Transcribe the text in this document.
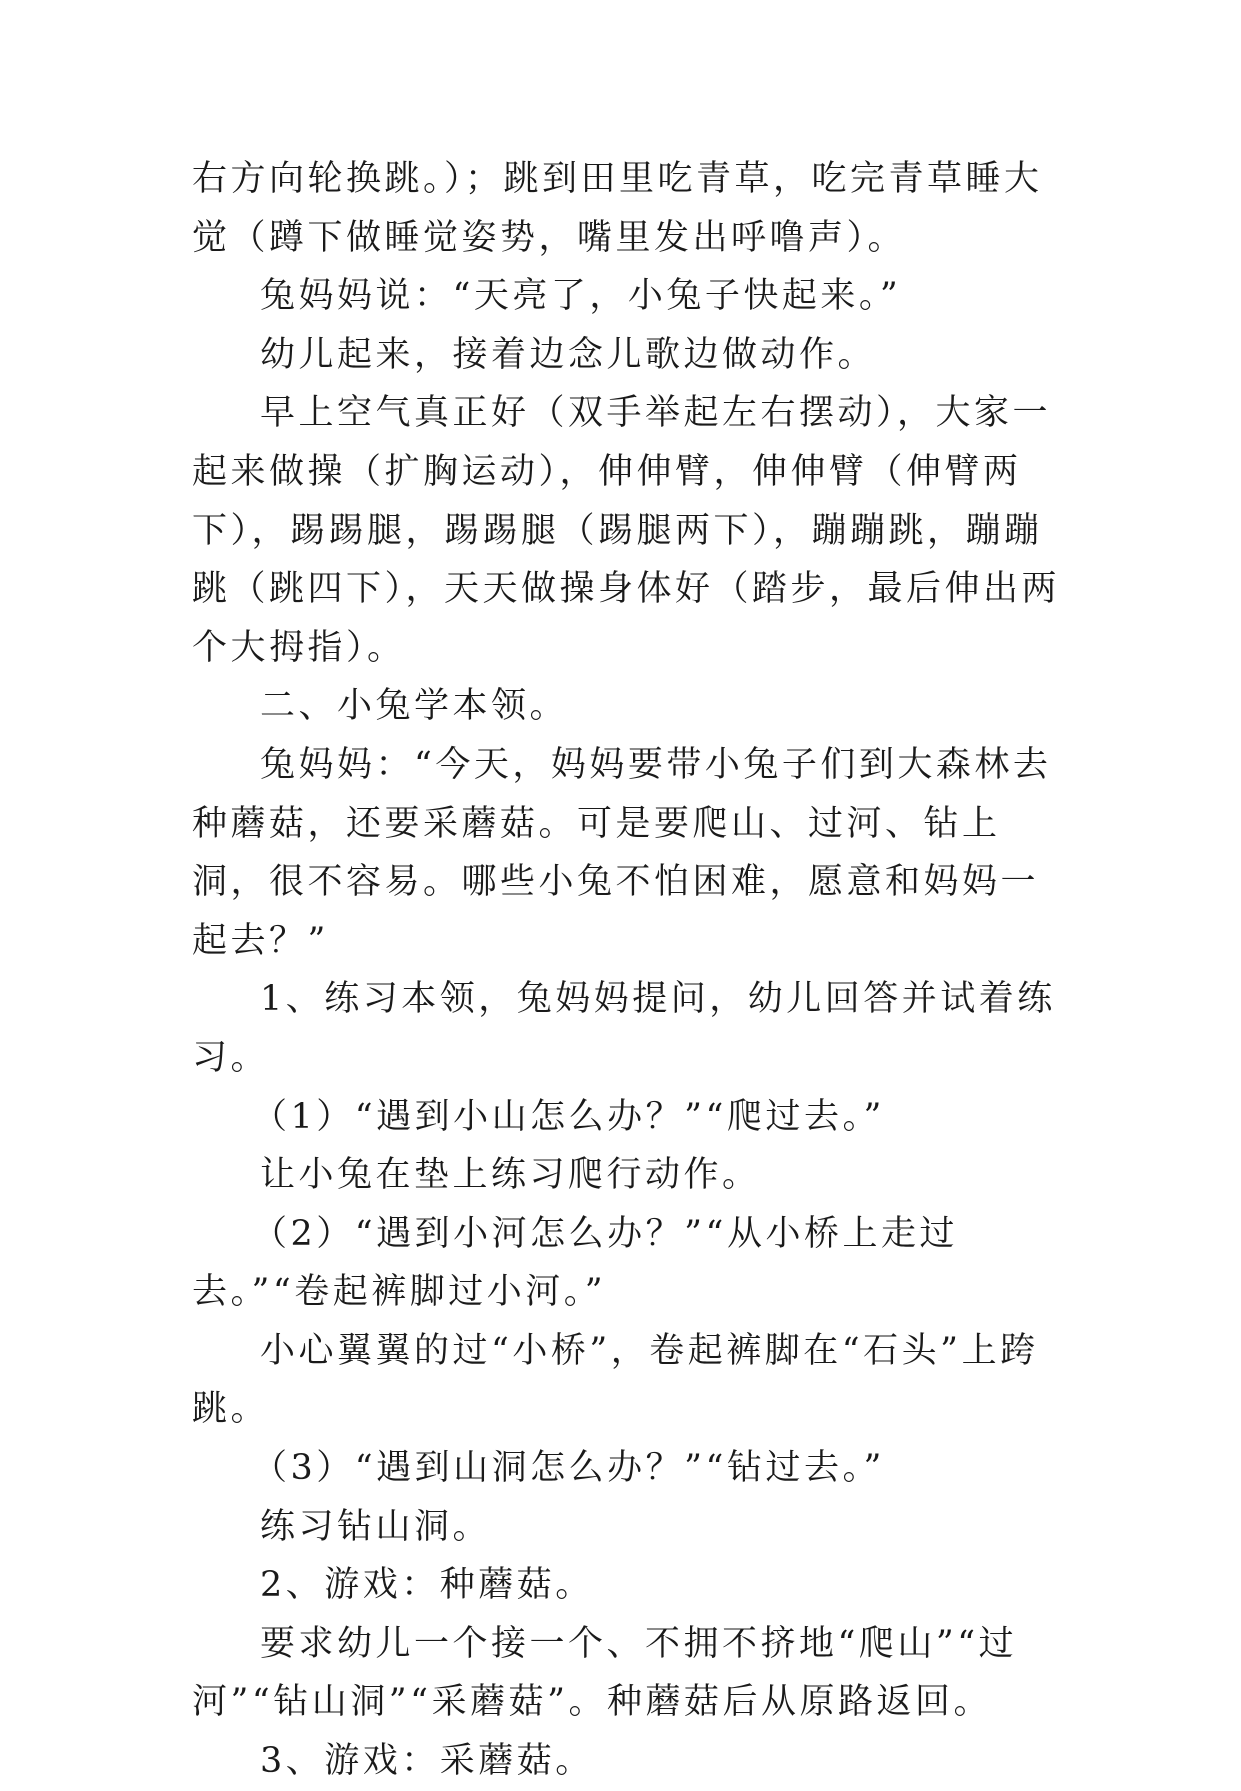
右方向轮换跳。）；跳到田里吃青草，吃完青草睡大觉（蹲下做睡觉姿势，嘴里发出呼噜声）。

兔妈妈说：“天亮了，小兔子快起来。”

幼儿起来，接着边念儿歌边做动作。

早上空气真正好（双手举起左右摆动），大家一起来做操（扩胸运动），伸伸臂，伸伸臂（伸臂两下），踢踢腿，踢踢腿（踢腿两下），蹦蹦跳，蹦蹦跳（跳四下），天天做操身体好（踏步，最后伸出两个大拇指）。

二、小兔学本领。

兔妈妈：“今天，妈妈要带小兔子们到大森林去种蘑菇，还要采蘑菇。可是要爬山、过河、钻上洞，很不容易。哪些小兔不怕困难，愿意和妈妈一起去？”

1、练习本领，兔妈妈提问，幼儿回答并试着练习。

（1）“遇到小山怎么办？”“爬过去。”

让小兔在垫上练习爬行动作。

（2）“遇到小河怎么办？”“从小桥上走过去。”“卷起裤脚过小河。”

小心翼翼的过“小桥”，卷起裤脚在“石头”上跨跳。

（3）“遇到山洞怎么办？”“钻过去。”

练习钻山洞。

2、游戏：种蘑菇。

要求幼儿一个接一个、不拥不挤地“爬山”“过河”“钻山洞”“采蘑菇”。种蘑菇后从原路返回。

3、游戏：采蘑菇。
